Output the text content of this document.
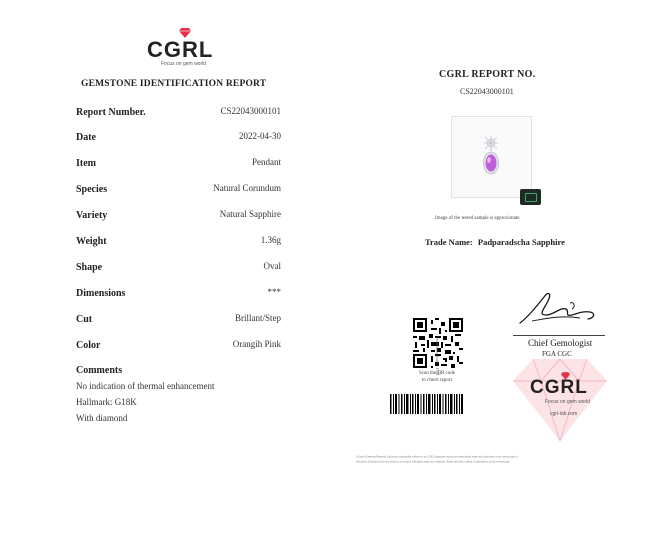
CGRL
Focus on gem world
GEMSTONE IDENTIFICATION REPORT
Report Number.	CS22043000101
Date	2022-04-30
Item	Pendant
Species	Natural Corundum
Variety	Natural Sapphire
Weight	1.36g
Shape	Oval
Dimensions	***
Cut	Brillant/Step
Color	Orangih Pink
Comments
No indication of thermal enhancement
Hallmark: G18K
With diamond
CGRL REPORT NO.
CS22043000101
Image of the tested sample is approximate
Trade Name: Padparadscha Sapphire
Verification Code : 17M
Scan the QR code
to check report
Chief Gemologist
FGA CGC
CGRL
Focus on gem world
cgrl-lab.com
Colored Gemstone Research Laboratory (hereinafter referred to as CGRL) gemstone reports are issued under terms and conditions on the reverse page of
this report. This report has been made in accordance with these terms and conditions. Please read and confirm all information on the reverse page.
